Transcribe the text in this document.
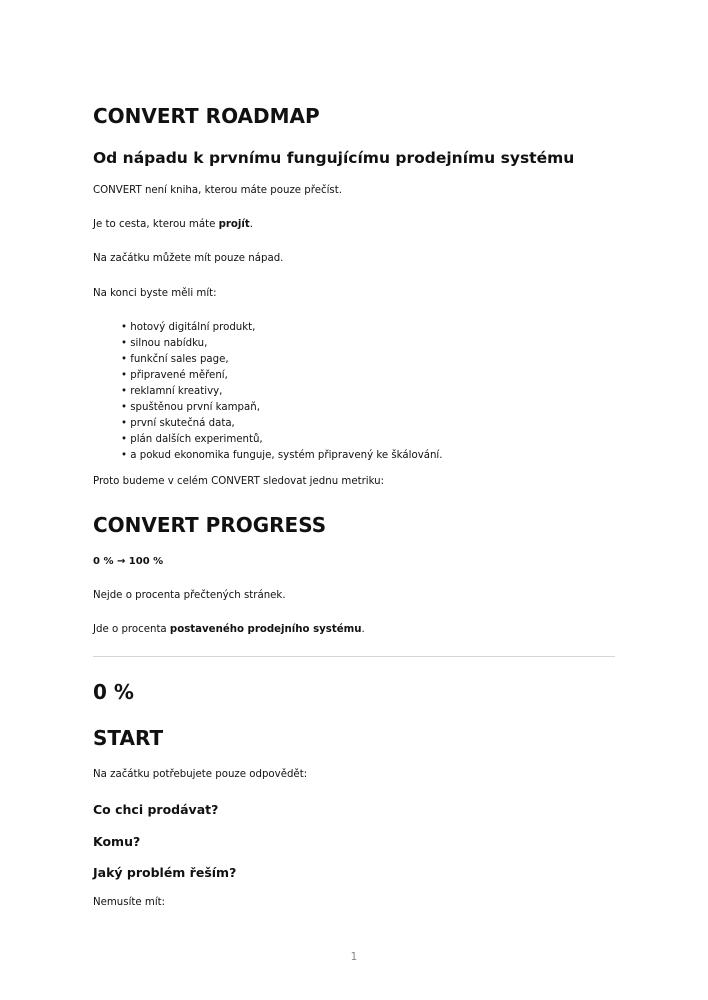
CONVERT ROADMAP
Od nápadu k prvnímu fungujícímu prodejnímu systému

CONVERT není kniha, kterou máte pouze přečíst.

Je to cesta, kterou máte projít.

Na začátku můžete mít pouze nápad.

Na konci byste měli mít:

• hotový digitální produkt,
• silnou nabídku,
• funkční sales page,
• připravené měření,
• reklamní kreativy,
• spuštěnou první kampaň,
• první skutečná data,
• plán dalších experimentů,
• a pokud ekonomika funguje, systém připravený ke škálování.

Proto budeme v celém CONVERT sledovat jednu metriku:

CONVERT PROGRESS
0 % → 100 %

Nejde o procenta přečtených stránek.

Jde o procenta postaveného prodejního systému.

0 %
START

Na začátku potřebujete pouze odpovědět:

Co chci prodávat?
Komu?
Jaký problém řeším?

Nemusíte mít:

1
